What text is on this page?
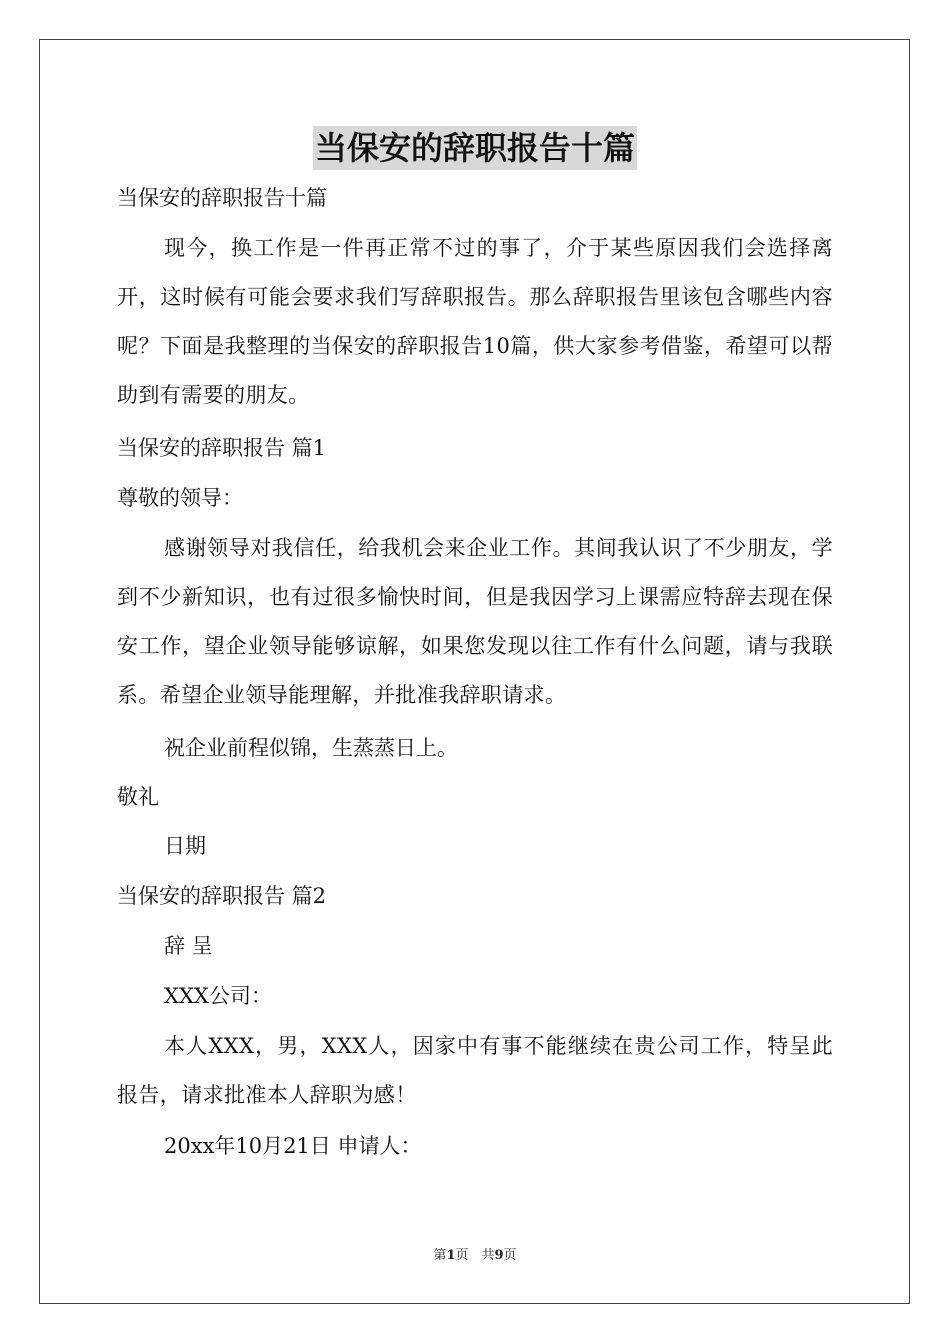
当保安的辞职报告十篇
当保安的辞职报告十篇
现今，换工作是一件再正常不过的事了，介于某些原因我们会选择离开，这时候有可能会要求我们写辞职报告。那么辞职报告里该包含哪些内容呢？下面是我整理的当保安的辞职报告10篇，供大家参考借鉴，希望可以帮助到有需要的朋友。
当保安的辞职报告 篇1
尊敬的领导：
感谢领导对我信任，给我机会来企业工作。其间我认识了不少朋友，学到不少新知识，也有过很多愉快时间，但是我因学习上课需应特辞去现在保安工作，望企业领导能够谅解，如果您发现以往工作有什么问题，请与我联系。希望企业领导能理解，并批准我辞职请求。
祝企业前程似锦，生蒸蒸日上。
敬礼
日期
当保安的辞职报告 篇2
辞 呈
XXX公司：
本人XXX，男，XXX人，因家中有事不能继续在贵公司工作，特呈此报告，请求批准本人辞职为感！
20xx年10月21日 申请人：
第1页　共9页
